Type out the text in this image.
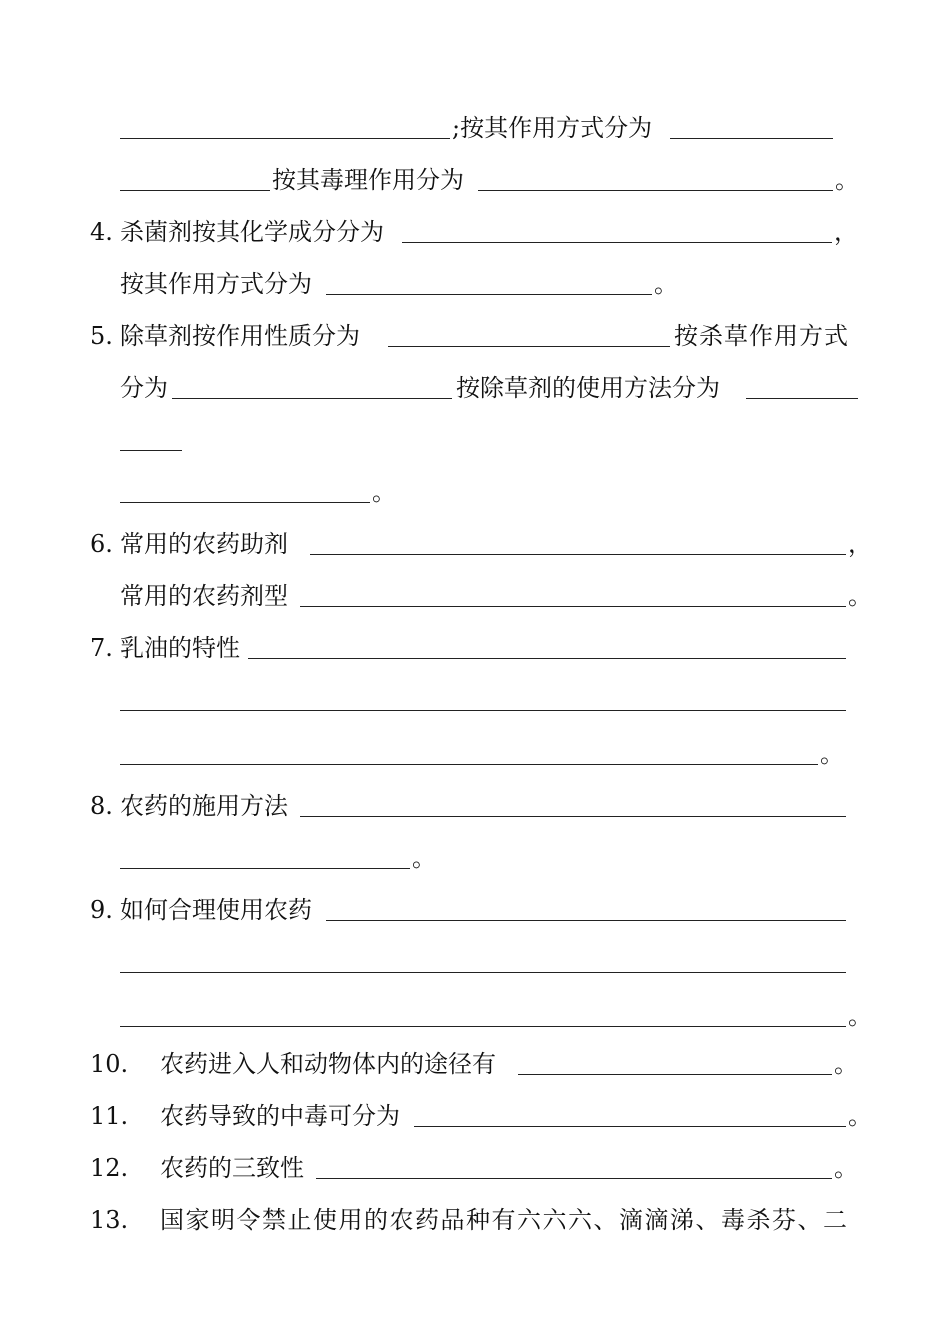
;按其作用方式分为
按其毒理作用分为	。
4. 杀菌剂按其化学成分分为	，
按其作用方式分为	。
5. 除草剂按作用性质分为	按杀草作用方式
分为	按除草剂的使用方法分为
。
6. 常用的农药助剂	，
常用的农药剂型	。
7. 乳油的特性
。
8. 农药的施用方法
。
9. 如何合理使用农药
。
10. 农药进入人和动物体内的途径有	。
11. 农药导致的中毒可分为	。
12. 农药的三致性	。
13. 国家明令禁止使用的农药品种有六六六、滴滴涕、毒杀芬、二
